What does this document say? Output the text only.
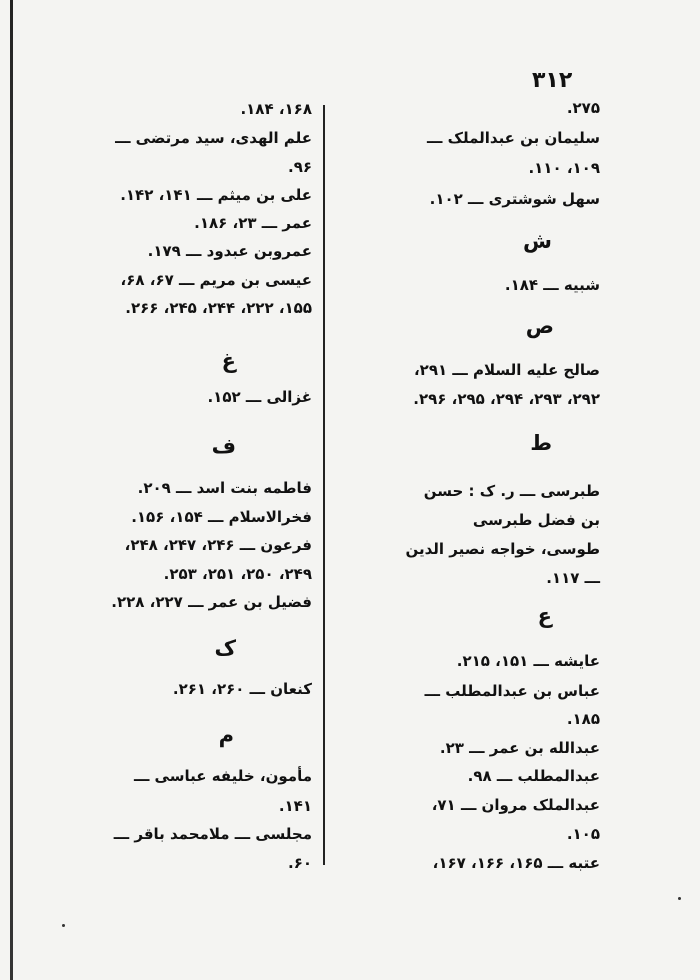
۳۱۲
۲۷۵.
سلیمان بن عبدالملک ـــ
۱۰۹، ۱۱۰.
سهل شوشتری ـــ ۱۰۲.
ش
شبیه ـــ ۱۸۴.
ص
صالح علیه السلام ـــ ۲۹۱،
۲۹۲، ۲۹۳، ۲۹۴، ۲۹۵، ۲۹۶.
ط
طبرسی ـــ ر. ک : حسن
بن فضل طبرسی
طوسی، خواجه نصیر الدین
ـــ ۱۱۷.
ع
عایشه ـــ ۱۵۱، ۲۱۵.
عباس بن عبدالمطلب ـــ
۱۸۵.
عبدالله بن عمر ـــ ۲۳.
عبدالمطلب ـــ ۹۸.
عبدالملک مروان ـــ ۷۱،
۱۰۵.
عتبه ـــ ۱۶۵، ۱۶۶، ۱۶۷،
۱۶۸، ۱۸۴.
علم الهدی، سید مرتضی ـــ
۹۶.
علی بن میثم ـــ ۱۴۱، ۱۴۲.
عمر ـــ ۲۳، ۱۸۶.
عمروبن عبدود ـــ ۱۷۹.
عیسی بن مریم ـــ ۶۷، ۶۸،
۱۵۵، ۲۲۲، ۲۴۴، ۲۴۵، ۲۶۶.
غ
غزالی ـــ ۱۵۲.
ف
فاطمه بنت اسد ـــ ۲۰۹.
فخرالاسلام ـــ ۱۵۴، ۱۵۶.
فرعون ـــ ۲۴۶، ۲۴۷، ۲۴۸،
۲۴۹، ۲۵۰، ۲۵۱، ۲۵۳.
فضیل بن عمر ـــ ۲۲۷، ۲۲۸.
ک
کنعان ـــ ۲۶۰، ۲۶۱.
م
مأمون، خلیفه عباسی ـــ
۱۴۱.
مجلسی ـــ ملامحمد باقر ـــ
۶۰.
